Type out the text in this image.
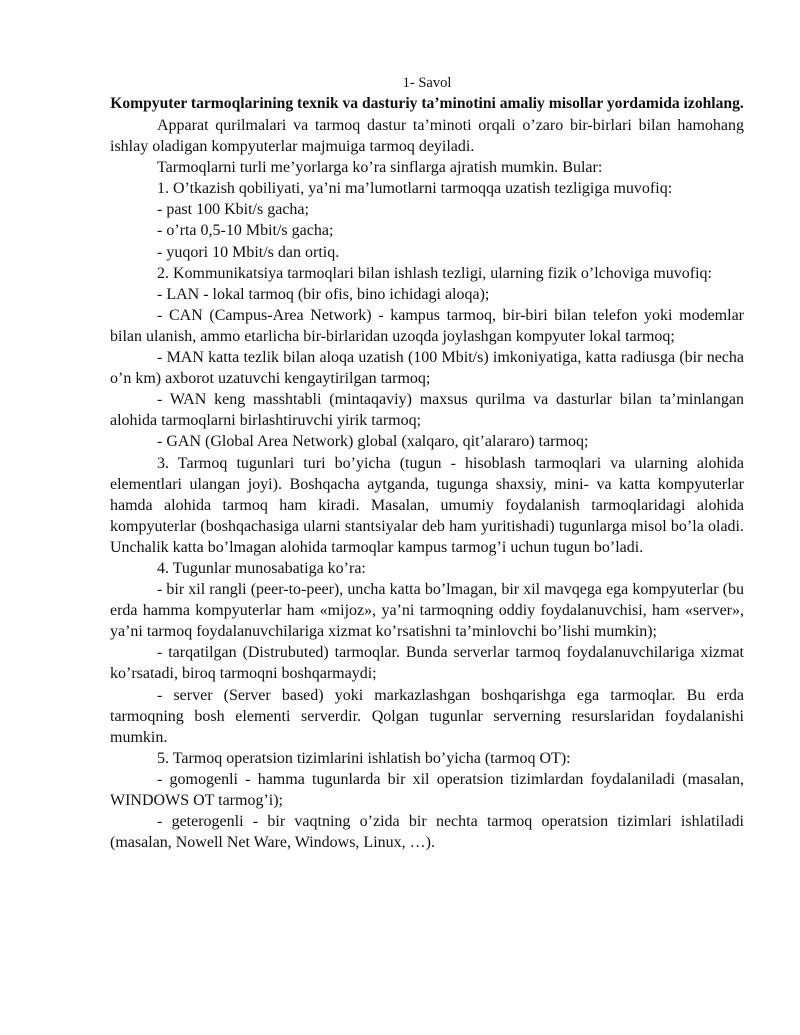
1- Savol

Kompyuter tarmoqlarining texnik va dasturiy ta’minotini amaliy misollar yordamida izohlang.

Apparat qurilmalari va tarmoq dastur ta’minoti orqali o’zaro bir-birlari bilan hamohang ishlay oladigan kompyuterlar majmuiga tarmoq deyiladi.

Tarmoqlarni turli me’yorlarga ko’ra sinflarga ajratish mumkin. Bular:

1. O’tkazish qobiliyati, ya’ni ma’lumotlarni tarmoqqa uzatish tezligiga muvofiq:

- past 100 Kbit/s gacha;

- o’rta 0,5-10 Mbit/s gacha;

- yuqori 10 Mbit/s dan ortiq.

2. Kommunikatsiya tarmoqlari bilan ishlash tezligi, ularning fizik o’lchoviga muvofiq:

- LAN - lokal tarmoq (bir ofis, bino ichidagi aloqa);

- CAN (Campus-Area Network) - kampus tarmoq, bir-biri bilan telefon yoki modemlar bilan ulanish, ammo etarlicha bir-birlaridan uzoqda joylashgan kompyuter lokal tarmoq;

- MAN katta tezlik bilan aloqa uzatish (100 Mbit/s) imkoniyatiga, katta radiusga (bir necha o’n km) axborot uzatuvchi kengaytirilgan tarmoq;

- WAN keng masshtabli (mintaqaviy) maxsus qurilma va dasturlar bilan ta’minlangan alohida tarmoqlarni birlashtiruvchi yirik tarmoq;

- GAN (Global Area Network) global (xalqaro, qit’alararo) tarmoq;

3. Tarmoq tugunlari turi bo’yicha (tugun - hisoblash tarmoqlari va ularning alohida elementlari ulangan joyi). Boshqacha aytganda, tugunga shaxsiy, mini- va katta kompyuterlar hamda alohida tarmoq ham kiradi. Masalan, umumiy foydalanish tarmoqlaridagi alohida kompyuterlar (boshqachasiga ularni stantsiyalar deb ham yuritishadi) tugunlarga misol bo’la oladi. Unchalik katta bo’lmagan alohida tarmoqlar kampus tarmog’i uchun tugun bo’ladi.

4. Tugunlar munosabatiga ko’ra:

- bir xil rangli (peer-to-peer), uncha katta bo’lmagan, bir xil mavqega ega kompyuterlar (bu erda hamma kompyuterlar ham «mijoz», ya’ni tarmoqning oddiy foydalanuvchisi, ham «server», ya’ni tarmoq foydalanuvchilariga xizmat ko’rsatishni ta’minlovchi bo’lishi mumkin);

- tarqatilgan (Distrubuted) tarmoqlar. Bunda serverlar tarmoq foydalanuvchilariga xizmat ko’rsatadi, biroq tarmoqni boshqarmaydi;

- server (Server based) yoki markazlashgan boshqarishga ega tarmoqlar. Bu erda tarmoqning bosh elementi serverdir. Qolgan tugunlar serverning resurslaridan foydalanishi mumkin.

5. Tarmoq operatsion tizimlarini ishlatish bo’yicha (tarmoq OT):

- gomogenli - hamma tugunlarda bir xil operatsion tizimlardan foydalaniladi (masalan, WINDOWS OT tarmog’i);

- geterogenli - bir vaqtning o’zida bir nechta tarmoq operatsion tizimlari ishlatiladi (masalan, Nowell Net Ware, Windows, Linux, …).
